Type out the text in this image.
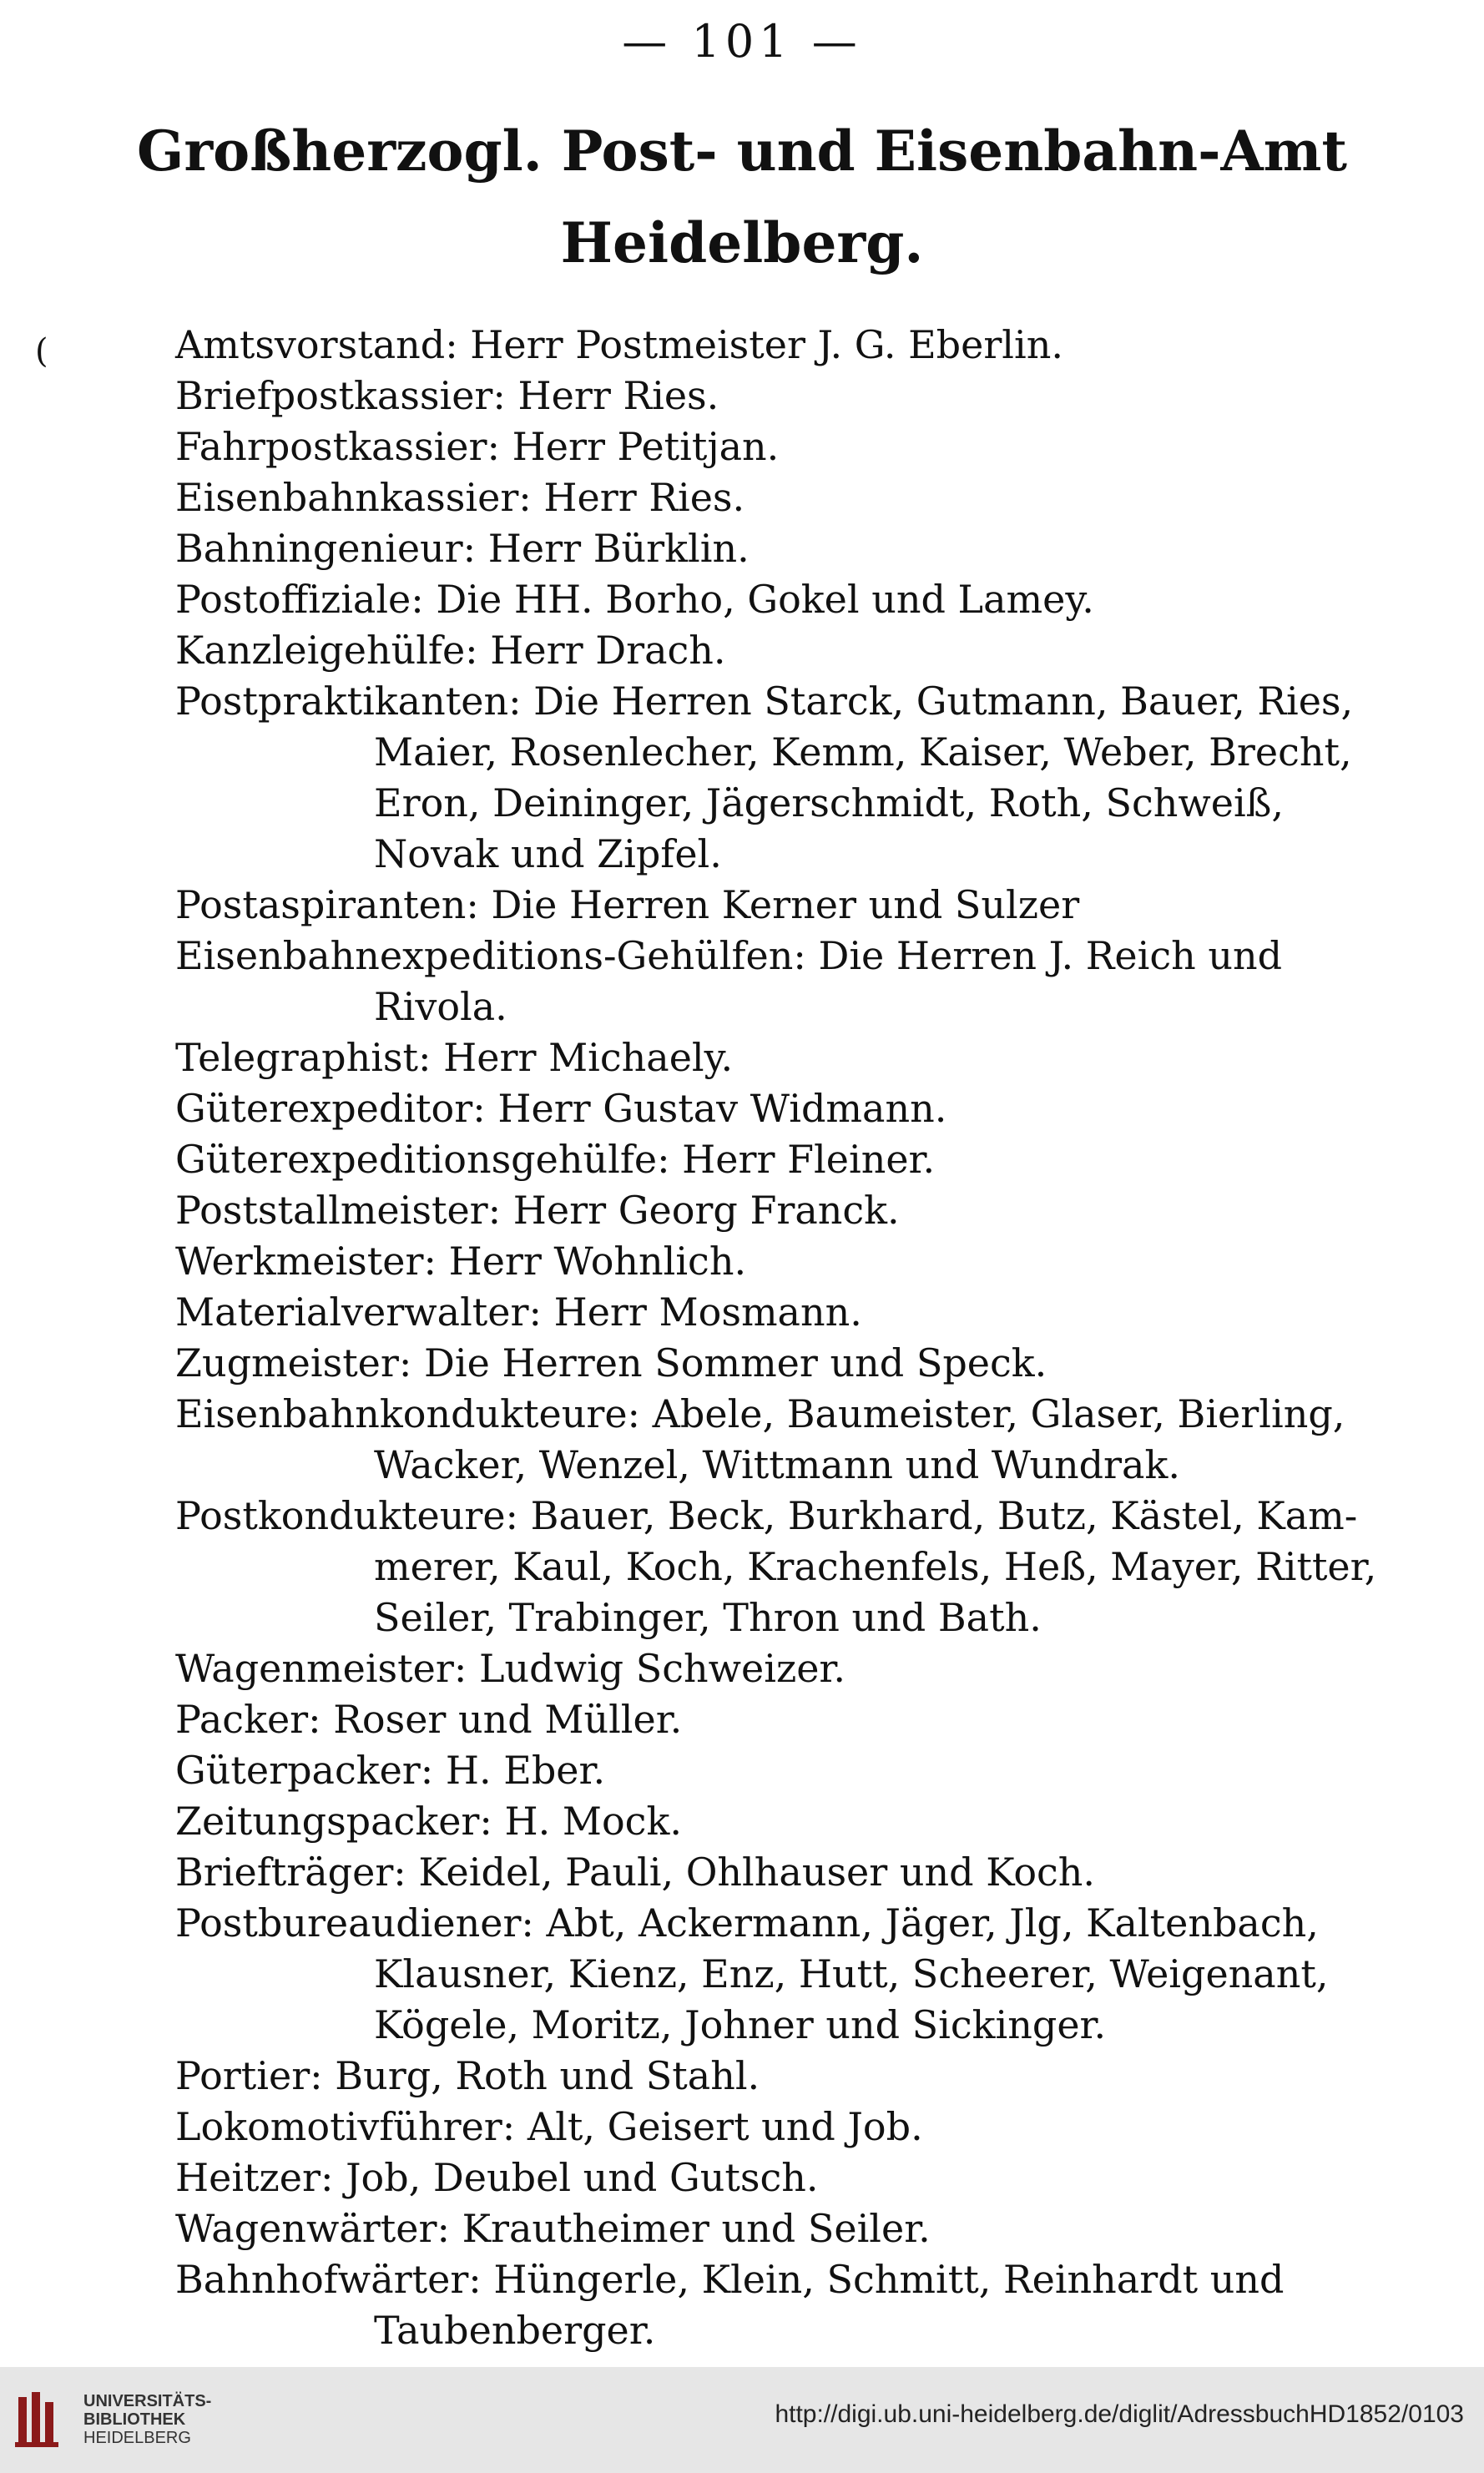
— 101 —
Großherzogl. Post- und Eisenbahn-Amt
Heidelberg.
(	Amtsvorstand: Herr Postmeister J. G. Eberlin.
Briefpostkassier: Herr Ries.
Fahrpostkassier: Herr Petitjan.
Eisenbahnkassier: Herr Ries.
Bahningenieur: Herr Bürklin.
Postoffiziale: Die HH. Borho, Gokel und Lamey.
Kanzleigehülfe: Herr Drach.
Postpraktikanten: Die Herren Starck, Gutmann, Bauer, Ries,
Maier, Rosenlecher, Kemm, Kaiser, Weber, Brecht,
Eron, Deininger, Jägerschmidt, Roth, Schweiß,
Novak und Zipfel.
Postaspiranten: Die Herren Kerner und Sulzer
Eisenbahnexpeditions-Gehülfen: Die Herren J. Reich und
Rivola.
Telegraphist: Herr Michaely.
Güterexpeditor: Herr Gustav Widmann.
Güterexpeditionsgehülfe: Herr Fleiner.
Poststallmeister: Herr Georg Franck.
Werkmeister: Herr Wohnlich.
Materialverwalter: Herr Mosmann.
Zugmeister: Die Herren Sommer und Speck.
Eisenbahnkondukteure: Abele, Baumeister, Glaser, Bierling,
Wacker, Wenzel, Wittmann und Wundrak.
Postkondukteure: Bauer, Beck, Burkhard, Butz, Kästel, Kam-
merer, Kaul, Koch, Krachenfels, Heß, Mayer, Ritter,
Seiler, Trabinger, Thron und Bath.
Wagenmeister: Ludwig Schweizer.
Packer: Roser und Müller.
Güterpacker: H. Eber.
Zeitungspacker: H. Mock.
Briefträger: Keidel, Pauli, Ohlhauser und Koch.
Postbureaudiener: Abt, Ackermann, Jäger, Jlg, Kaltenbach,
Klausner, Kienz, Enz, Hutt, Scheerer, Weigenant,
Kögele, Moritz, Johner und Sickinger.
Portier: Burg, Roth und Stahl.
Lokomotivführer: Alt, Geisert und Job.
Heitzer: Job, Deubel und Gutsch.
Wagenwärter: Krautheimer und Seiler.
Bahnhofwärter: Hüngerle, Klein, Schmitt, Reinhardt und
Taubenberger.
UNIVERSITÄTS-
BIBLIOTHEK
HEIDELBERG
http://digi.ub.uni-heidelberg.de/diglit/AdressbuchHD1852/0103
